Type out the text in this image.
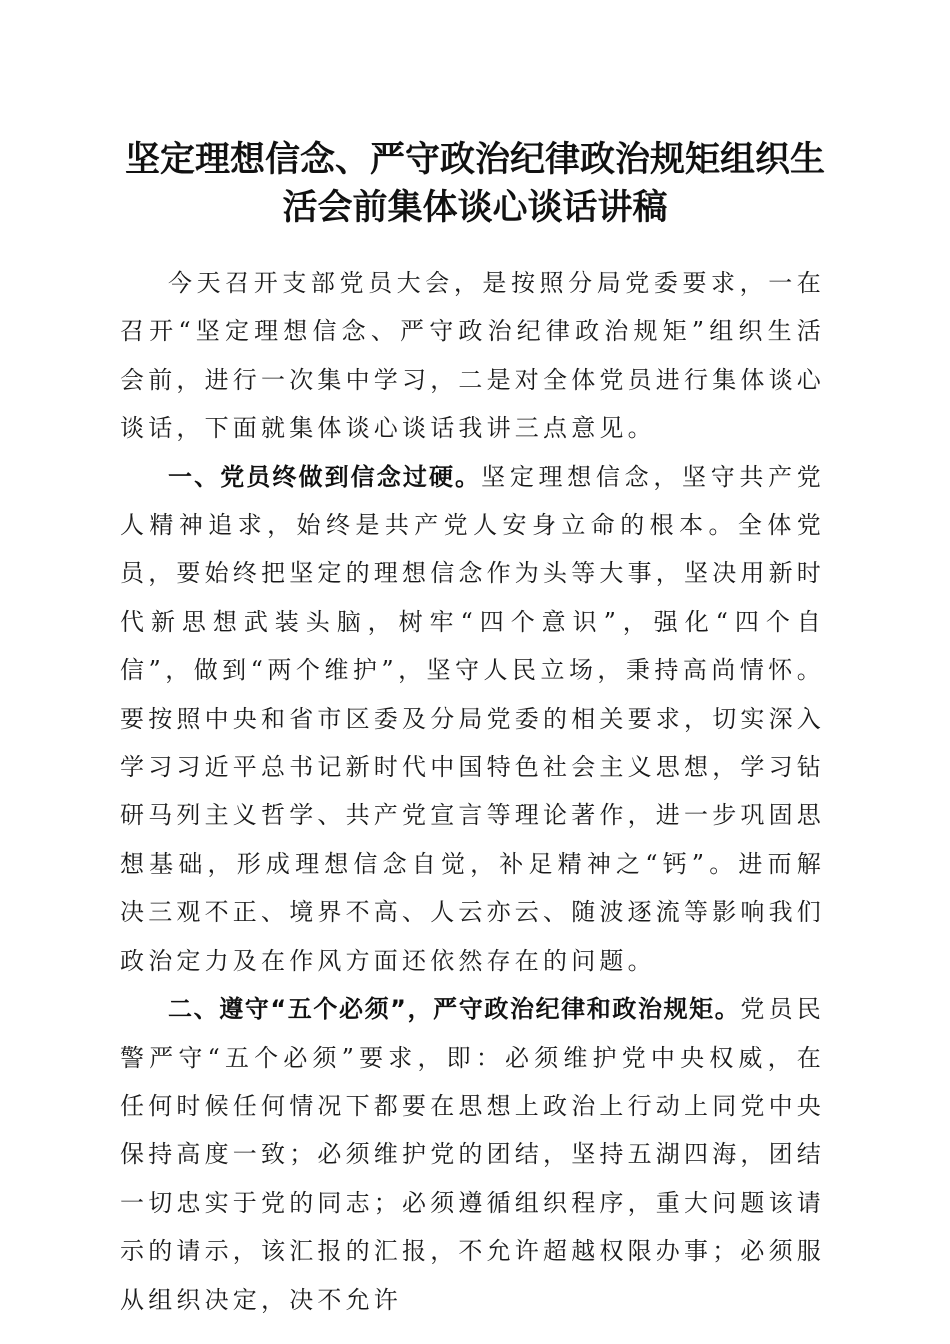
坚定理想信念、严守政治纪律政治规矩组织生
活会前集体谈心谈话讲稿

今天召开支部党员大会，是按照分局党委要求，一在召开“坚定理想信念、严守政治纪律政治规矩”组织生活会前，进行一次集中学习，二是对全体党员进行集体谈心谈话，下面就集体谈心谈话我讲三点意见。

一、党员终做到信念过硬。坚定理想信念，坚守共产党人精神追求，始终是共产党人安身立命的根本。全体党员，要始终把坚定的理想信念作为头等大事，坚决用新时代新思想武装头脑，树牢“四个意识”，强化“四个自信”，做到“两个维护”，坚守人民立场，秉持高尚情怀。要按照中央和省市区委及分局党委的相关要求，切实深入学习习近平总书记新时代中国特色社会主义思想，学习钻研马列主义哲学、共产党宣言等理论著作，进一步巩固思想基础，形成理想信念自觉，补足精神之“钙”。进而解决三观不正、境界不高、人云亦云、随波逐流等影响我们政治定力及在作风方面还依然存在的问题。

二、遵守“五个必须”，严守政治纪律和政治规矩。党员民警严守“五个必须”要求，即：必须维护党中央权威，在任何时候任何情况下都要在思想上政治上行动上同党中央保持高度一致；必须维护党的团结，坚持五湖四海，团结一切忠实于党的同志；必须遵循组织程序，重大问题该请示的请示，该汇报的汇报，不允许超越权限办事；必须服从组织决定，决不允许
